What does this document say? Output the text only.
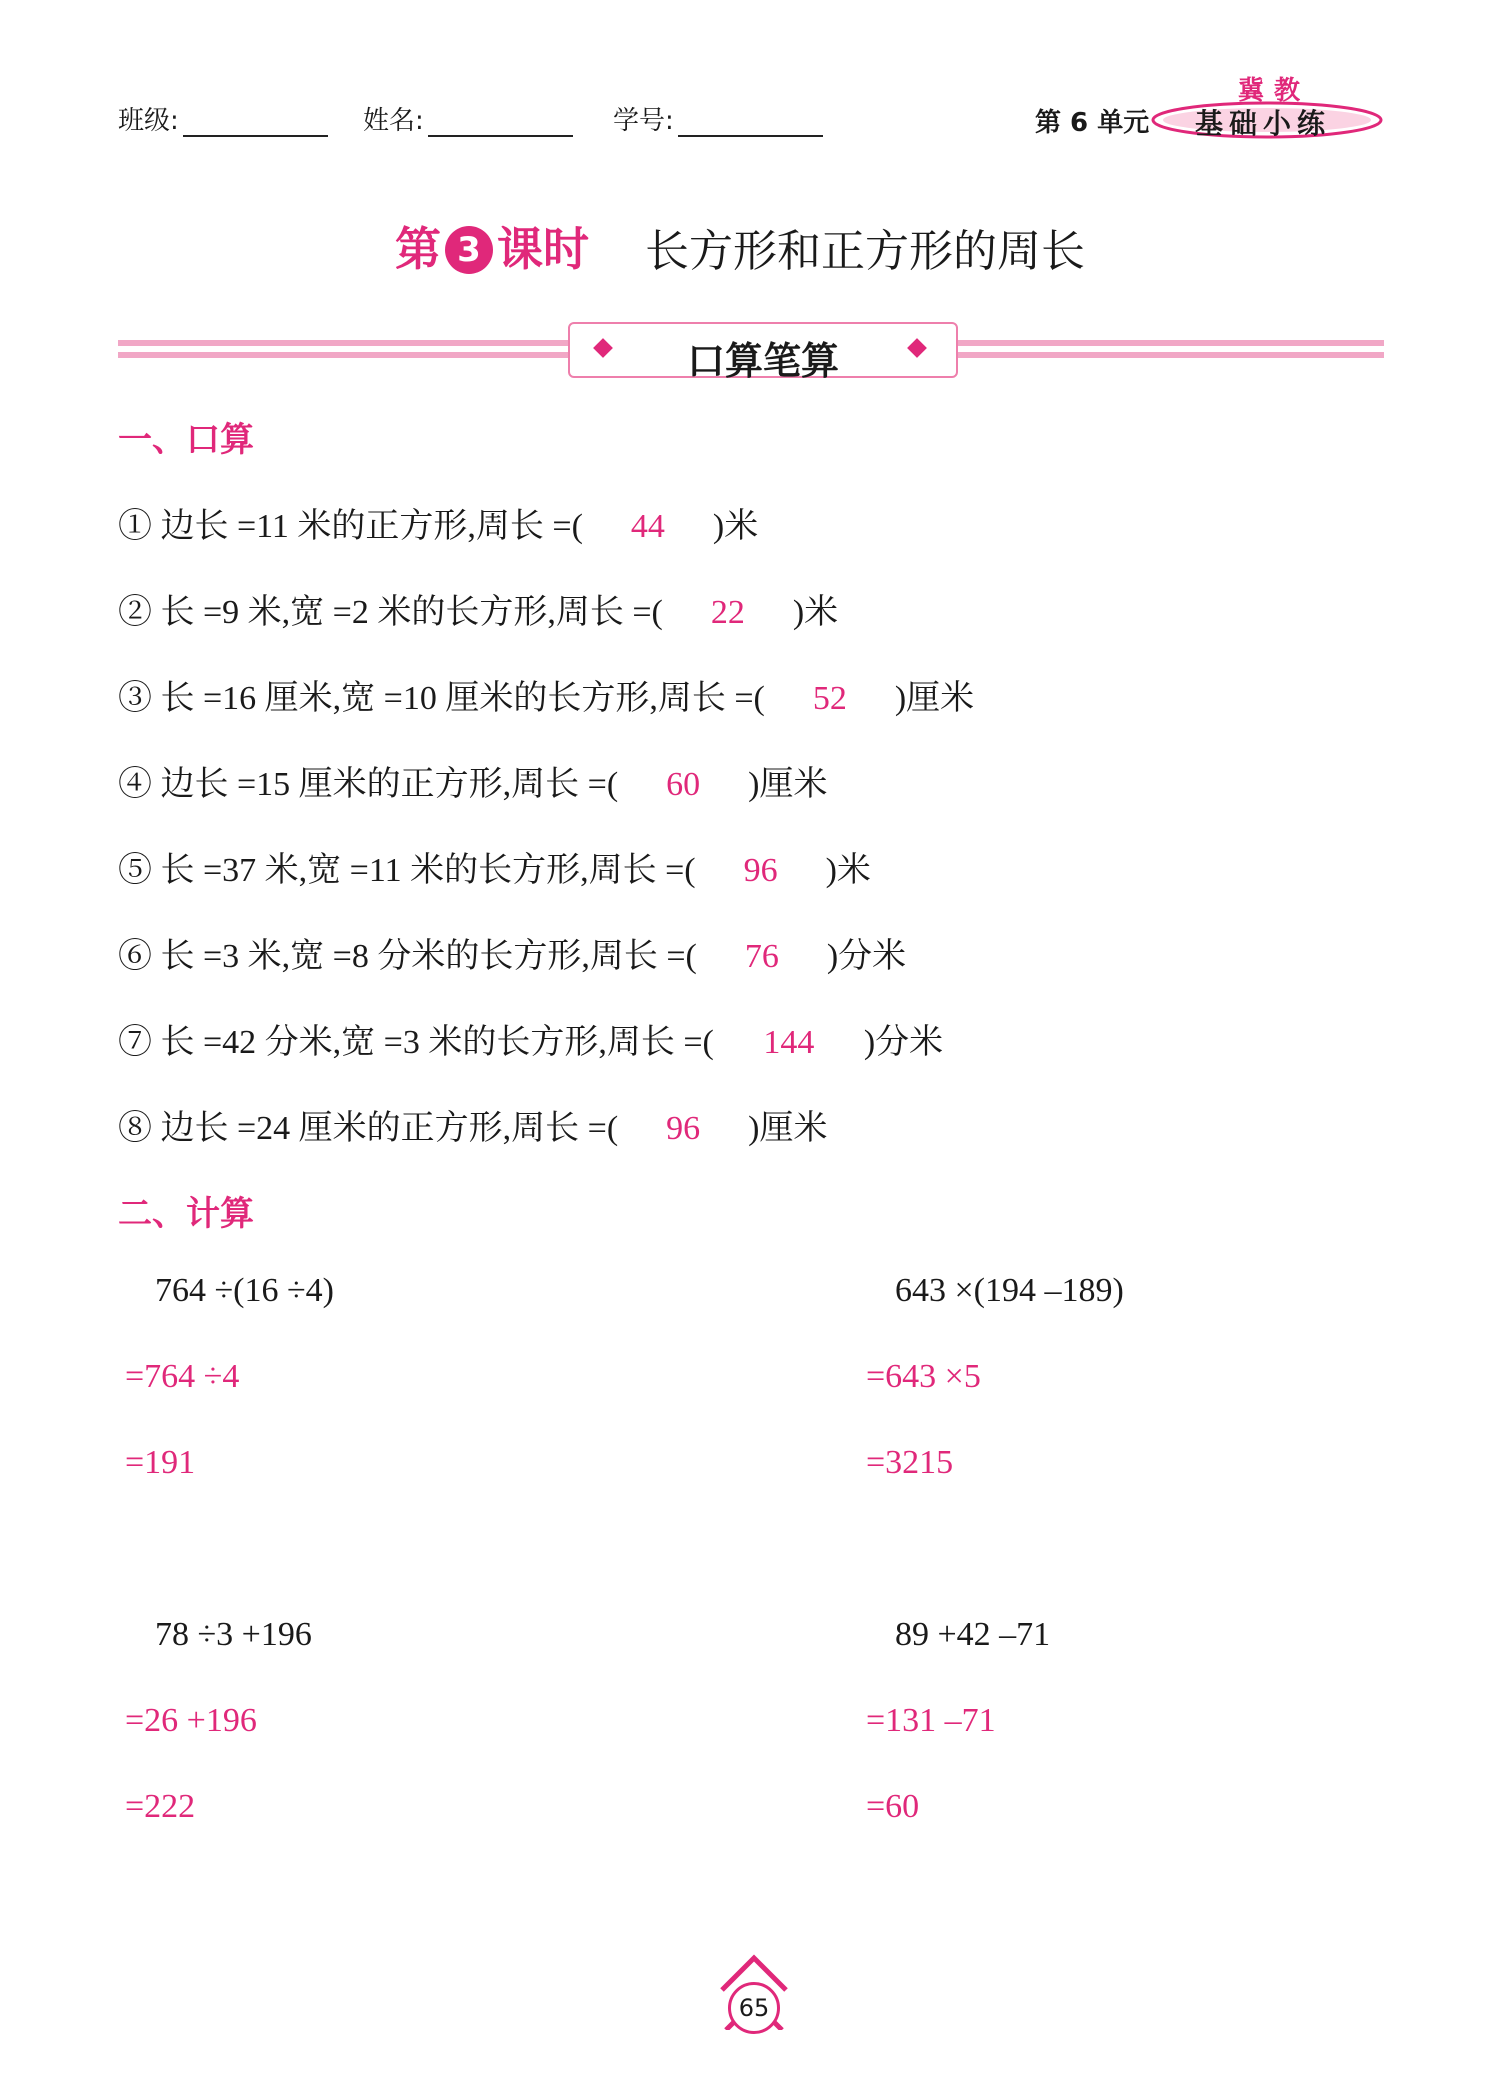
班级:	姓名:	学号:	第 6 单元
冀教
基础小练
第 3 课时 长方形和正方形的周长
口算笔算
一、口算
① 边长 =11 米的正方形,周长 =( 44 )米
② 长 =9 米,宽 =2 米的长方形,周长 =( 22 )米
③ 长 =16 厘米,宽 =10 厘米的长方形,周长 =( 52 )厘米
④ 边长 =15 厘米的正方形,周长 =( 60 )厘米
⑤ 长 =37 米,宽 =11 米的长方形,周长 =( 96 )米
⑥ 长 =3 米,宽 =8 分米的长方形,周长 =( 76 )分米
⑦ 长 =42 分米,宽 =3 米的长方形,周长 =( 144 )分米
⑧ 边长 =24 厘米的正方形,周长 =( 96 )厘米
二、计算
764 ÷(16 ÷4)
=764 ÷4
=191
643 ×(194 –189)
=643 ×5
=3215
78 ÷3 +196
=26 +196
=222
89 +42 –71
=131 –71
=60
65
